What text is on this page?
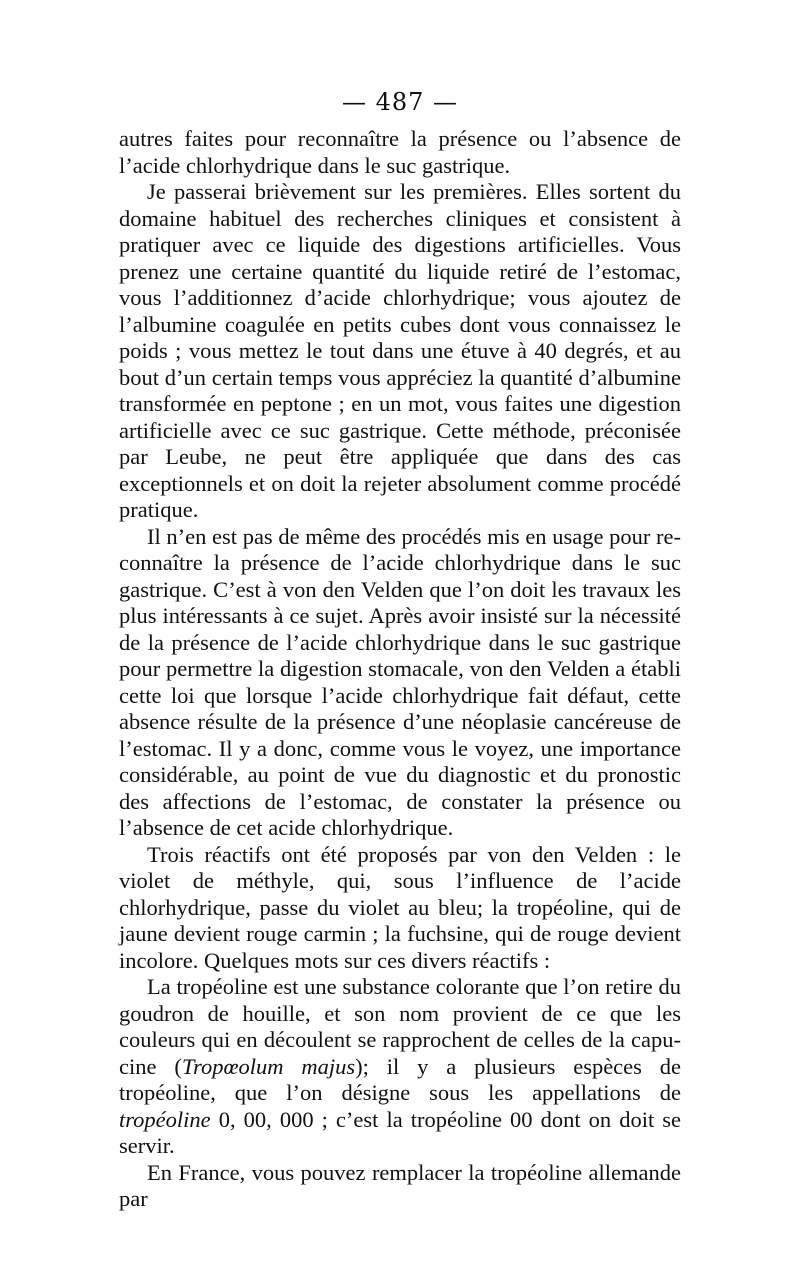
— 487 —

autres faites pour reconnaître la présence ou l’absence de l’acide chlorhydrique dans le suc gastrique.

Je passerai brièvement sur les premières. Elles sortent du domaine habituel des recherches cliniques et consistent à pratiquer avec ce liquide des digestions artificielles. Vous prenez une certaine quantité du liquide retiré de l’estomac, vous l’additionnez d’acide chlorhydrique; vous ajoutez de l’albumine coagulée en petits cubes dont vous connaissez le poids ; vous mettez le tout dans une étuve à 40 degrés, et au bout d’un certain temps vous appréciez la quantité d’albumine transformée en peptone ; en un mot, vous faites une digestion artificielle avec ce suc gastrique. Cette méthode, préconisée par Leube, ne peut être appliquée que dans des cas exceptionnels et on doit la rejeter absolument comme procédé pratique.

Il n’en est pas de même des procédés mis en usage pour reconnaître la présence de l’acide chlorhydrique dans le suc gastrique. C’est à von den Velden que l’on doit les travaux les plus intéressants à ce sujet. Après avoir insisté sur la nécessité de la présence de l’acide chlorhydrique dans le suc gastrique pour permettre la digestion stomacale, von den Velden a établi cette loi que lorsque l’acide chlorhydrique fait défaut, cette absence résulte de la présence d’une néoplasie cancéreuse de l’estomac. Il y a donc, comme vous le voyez, une importance considérable, au point de vue du diagnostic et du pronostic des affections de l’estomac, de constater la présence ou l’absence de cet acide chlorhydrique.

Trois réactifs ont été proposés par von den Velden : le violet de méthyle, qui, sous l’influence de l’acide chlorhydrique, passe du violet au bleu; la tropéoline, qui de jaune devient rouge carmin ; la fuchsine, qui de rouge devient incolore. Quelques mots sur ces divers réactifs :

La tropéoline est une substance colorante que l’on retire du goudron de houille, et son nom provient de ce que les couleurs qui en découlent se rapprochent de celles de la capucine (Tropœolum majus); il y a plusieurs espèces de tropéoline, que l’on désigne sous les appellations de tropéoline 0, 00, 000 ; c’est la tropéoline 00 dont on doit se servir.

En France, vous pouvez remplacer la tropéoline allemande par
